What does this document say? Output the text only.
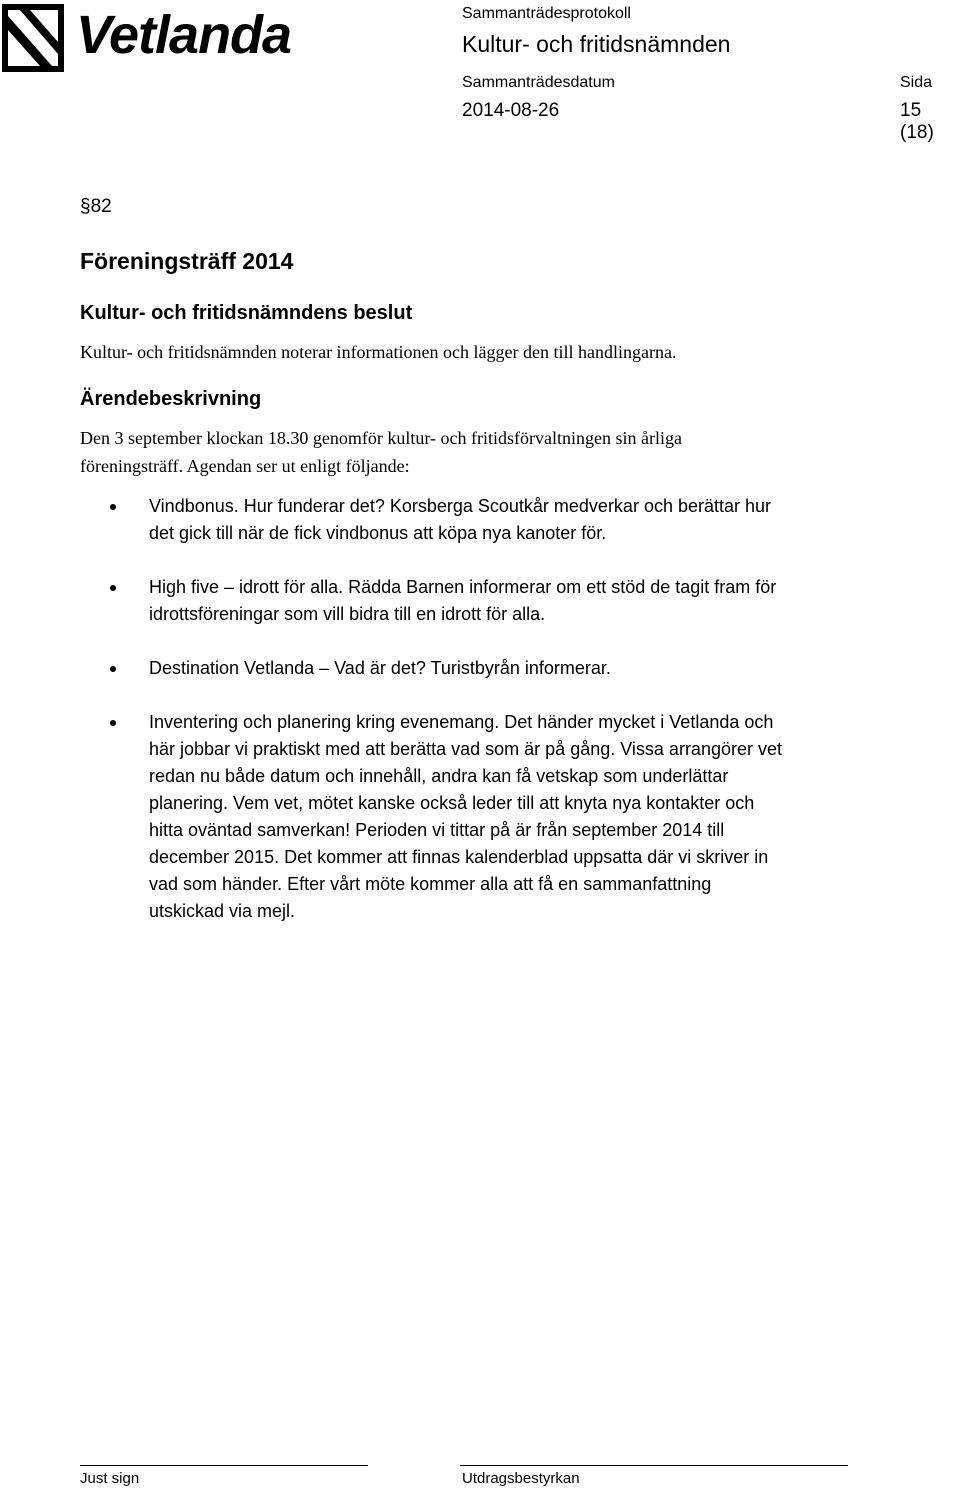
Vetlanda	Sammanträdesprotokoll
Kultur- och fritidsnämnden
Sammanträdesdatum	Sida
2014-08-26	15 (18)
§82
Föreningsträff 2014
Kultur- och fritidsnämndens beslut
Kultur- och fritidsnämnden noterar informationen och lägger den till handlingarna.
Ärendebeskrivning
Den 3 september klockan 18.30 genomför kultur- och fritidsförvaltningen sin årliga
föreningsträff. Agendan ser ut enligt följande:
Vindbonus. Hur funderar det? Korsberga Scoutkår medverkar och berättar hur
det gick till när de fick vindbonus att köpa nya kanoter för.
High five – idrott för alla. Rädda Barnen informerar om ett stöd de tagit fram för
idrottsföreningar som vill bidra till en idrott för alla.
Destination Vetlanda – Vad är det? Turistbyrån informerar.
Inventering och planering kring evenemang. Det händer mycket i Vetlanda och
här jobbar vi praktiskt med att berätta vad som är på gång. Vissa arrangörer vet
redan nu både datum och innehåll, andra kan få vetskap som underlättar
planering. Vem vet, mötet kanske också leder till att knyta nya kontakter och
hitta oväntad samverkan! Perioden vi tittar på är från september 2014 till
december 2015. Det kommer att finnas kalenderblad uppsatta där vi skriver in
vad som händer. Efter vårt möte kommer alla att få en sammanfattning
utskickad via mejl.
Just sign	Utdragsbestyrkan
